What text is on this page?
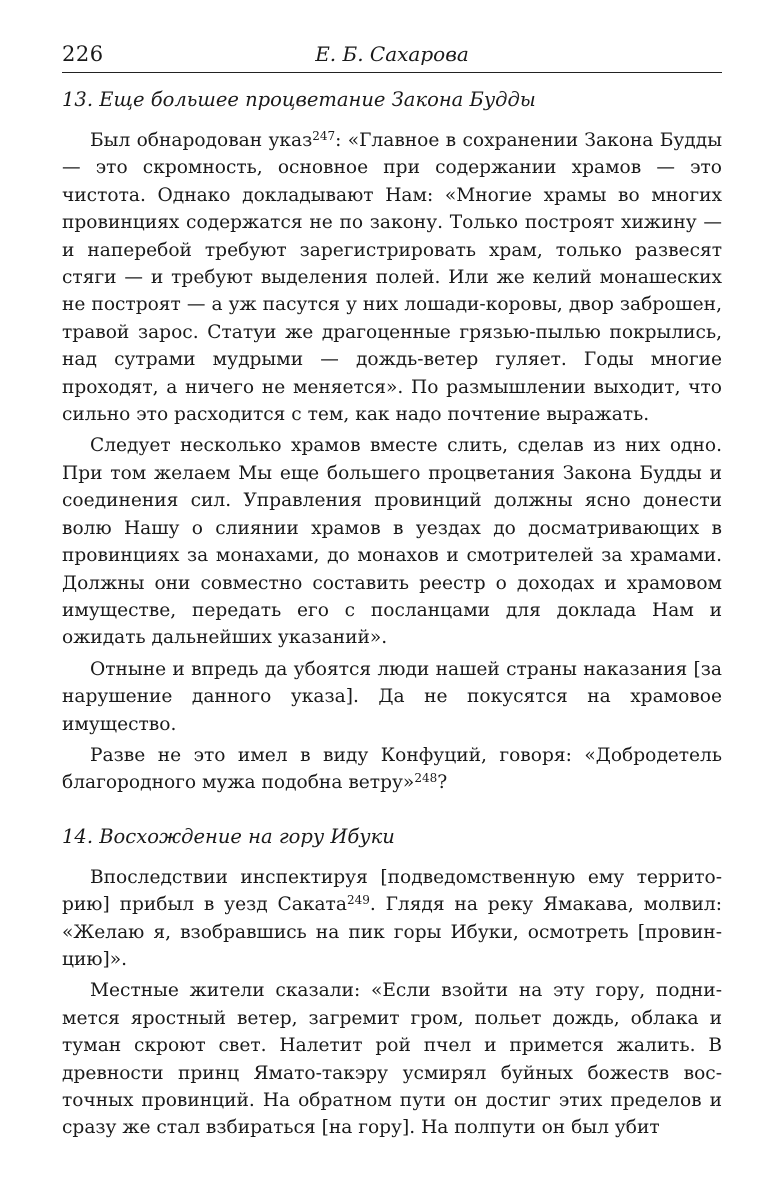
226	Е. Б. Сахарова
13. Еще большее процветание Закона Будды

Был обнародован указ$^{247}$: «Главное в сохранении Закона Будды — это скромность, основное при содержании храмов — это чистота. Однако докладывают Нам: «Многие храмы во многих провинциях содержатся не по закону. Только построят хижину — и наперебой требуют зарегистрировать храм, только развесят стяги — и требуют выделения полей. Или же келий монашеских не построят — а уж пасутся у них лошади-коровы, двор заброшен, травой зарос. Статуи же драгоценные грязью-пылью покрылись, над сутрами мудрыми — дождь-ветер гуляет. Годы многие проходят, а ничего не меняется». По размышлении выходит, что сильно это расходится с тем, как надо почтение выражать.

Следует несколько храмов вместе слить, сделав из них одно. При том желаем Мы еще большего процветания Закона Будды и соединения сил. Управления провинций должны ясно донести волю Нашу о слиянии храмов в уездах до досматривающих в провинциях за монахами, до монахов и смотрителей за храмами. Должны они совместно составить реестр о доходах и храмовом имуществе, передать его с посланцами для доклада Нам и ожидать дальнейших указаний».

Отныне и впредь да убоятся люди нашей страны наказания [за нарушение данного указа]. Да не покусятся на храмовое имущество.

Разве не это имел в виду Конфуций, говоря: «Добродетель благородного мужа подобна ветру»$^{248}$?

14. Восхождение на гору Ибуки

Впоследствии инспектируя [подведомственную ему территорию] прибыл в уезд Саката$^{249}$. Глядя на реку Ямакава, молвил: «Желаю я, взобравшись на пик горы Ибуки, осмотреть [провинцию]».

Местные жители сказали: «Если взойти на эту гору, поднимется яростный ветер, загремит гром, польет дождь, облака и туман скроют свет. Налетит рой пчел и примется жалить. В древности принц Ямато-такэру усмирял буйных божеств восточных провинций. На обратном пути он достиг этих пределов и сразу же стал взбираться [на гору]. На полпути он был убит
